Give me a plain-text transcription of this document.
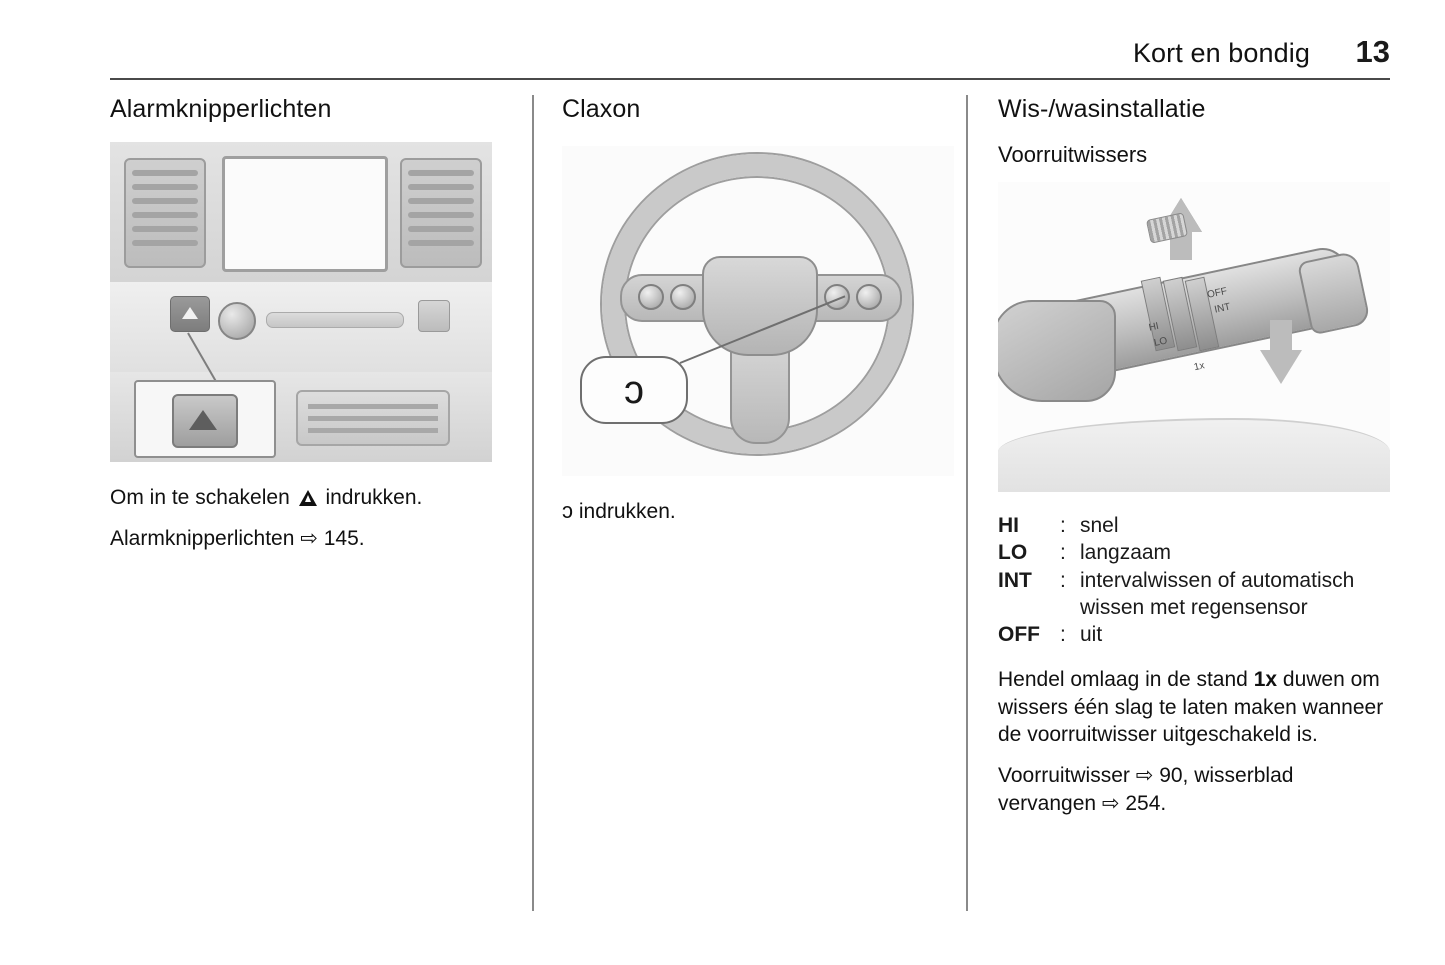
Kort en bondig 13
Alarmknipperlichten

Om in te schakelen indrukken.

Alarmknipperlichten ⇨ 145.

Claxon
ᴐ

ᴐ indrukken.

Wis-/wasinstallatie
Voorruitwissers
OFF
INT
LO
HI
1x
HI	: snel
LO	: langzaam
INT	: intervalwissen of automatisch
wissen met regensensor
OFF : uit

Hendel omlaag in de stand 1x duwen om wissers één slag te laten maken wanneer de voorruitwisser uitgeschakeld is.

Voorruitwisser ⇨ 90, wisserblad vervangen ⇨ 254.
